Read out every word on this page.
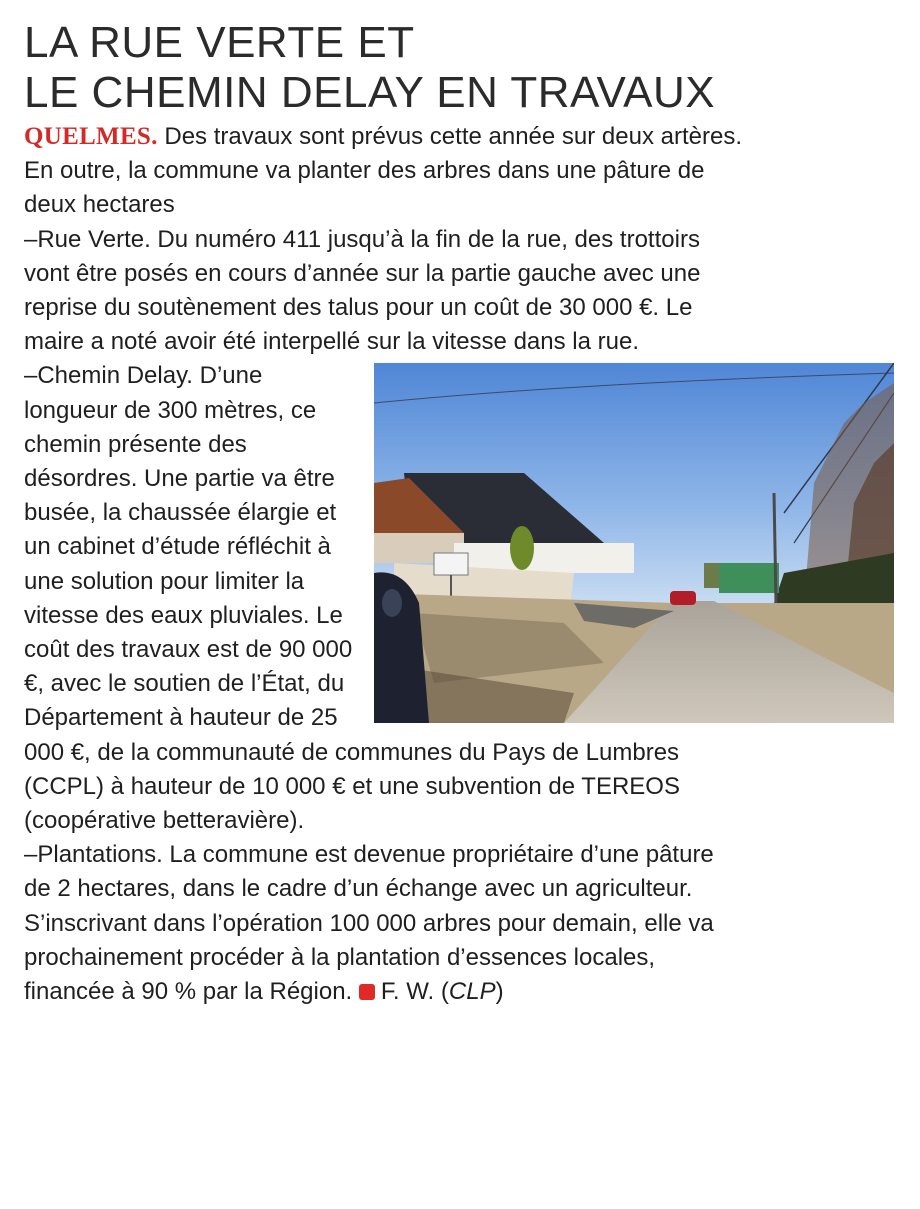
LA RUE VERTE ET
LE CHEMIN DELAY EN TRAVAUX

QUELMES. Des travaux sont prévus cette année sur deux artères. En outre, la commune va planter des arbres dans une pâture de deux hectares

–Rue Verte. Du numéro 411 jusqu’à la fin de la rue, des trottoirs vont être posés en cours d’année sur la partie gauche avec une reprise du soutènement des talus pour un coût de 30 000 €. Le maire a noté avoir été interpellé sur la vitesse dans la rue.

–Chemin Delay. D’une longueur de 300 mètres, ce chemin présente des désordres. Une partie va être busée, la chaussée élargie et un cabinet d’étude réfléchit à une solution pour limiter la vitesse des eaux pluviales. Le coût des travaux est de 90 000 €, avec le soutien de l’État, du Département à hauteur de 25 000 €, de la communauté de communes du Pays de Lumbres (CCPL) à hauteur de 10 000 € et une subvention de TEREOS (coopérative betteravière).

–Plantations. La commune est devenue propriétaire d’une pâture de 2 hectares, dans le cadre d’un échange avec un agriculteur. S’inscrivant dans l’opération 100 000 arbres pour demain, elle va prochainement procéder à la plantation d’essences locales, financée à 90 % par la Région. F. W. (CLP)
